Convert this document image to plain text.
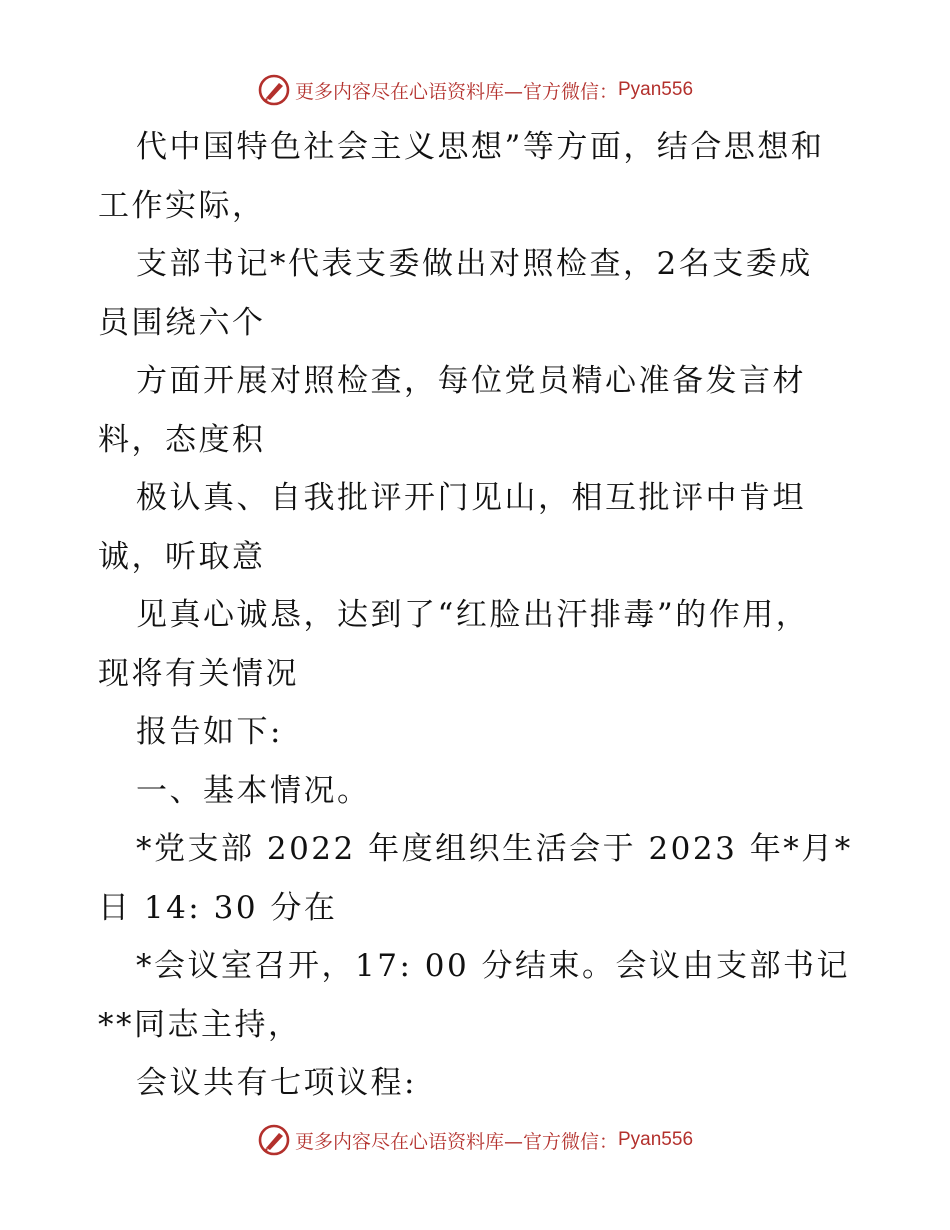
更多内容尽在心语资料库—官方微信： Pyan556
代中国特色社会主义思想”等方面，结合思想和
工作实际，
支部书记*代表支委做出对照检查，2名支委成
员围绕六个
方面开展对照检查，每位党员精心准备发言材
料，态度积
极认真、自我批评开门见山，相互批评中肯坦
诚，听取意
见真心诚恳，达到了“红脸出汗排毒”的作用，
现将有关情况
报告如下:
一、基本情况。
*党支部 2022 年度组织生活会于 2023 年*月*
日 14: 30 分在
*会议室召开，17: 00 分结束。会议由支部书记
**同志主持，
会议共有七项议程:
更多内容尽在心语资料库—官方微信： Pyan556
